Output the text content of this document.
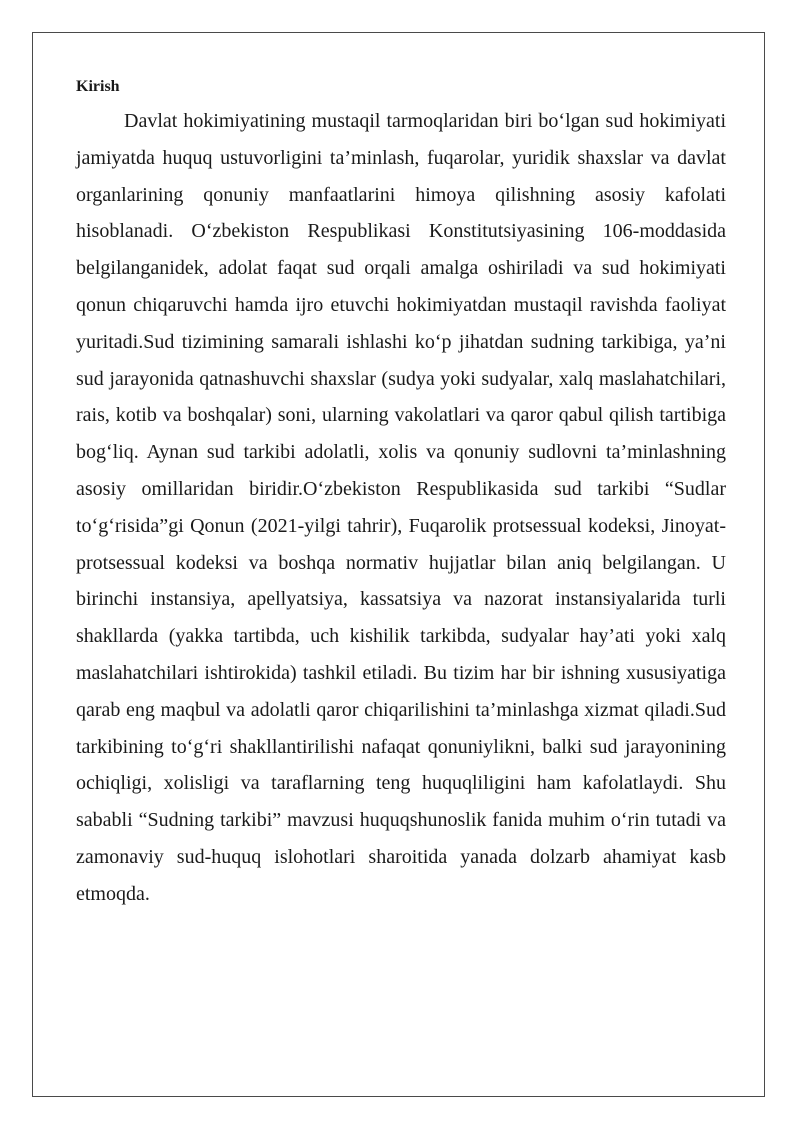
Kirish

Davlat hokimiyatining mustaqil tarmoqlaridan biri bo‘lgan sud hokimiyati jamiyatda huquq ustuvorligini ta’minlash, fuqarolar, yuridik shaxslar va davlat organlarining qonuniy manfaatlarini himoya qilishning asosiy kafolati hisoblanadi. O‘zbekiston Respublikasi Konstitutsiyasining 106-moddasida belgilanganidek, adolat faqat sud orqali amalga oshiriladi va sud hokimiyati qonun chiqaruvchi hamda ijro etuvchi hokimiyatdan mustaqil ravishda faoliyat yuritadi.Sud tizimining samarali ishlashi ko‘p jihatdan sudning tarkibiga, ya’ni sud jarayonida qatnashuvchi shaxslar (sudya yoki sudyalar, xalq maslahatchilari, rais, kotib va boshqalar) soni, ularning vakolatlari va qaror qabul qilish tartibiga bog‘liq. Aynan sud tarkibi adolatli, xolis va qonuniy sudlovni ta’minlashning asosiy omillaridan biridir.O‘zbekiston Respublikasida sud tarkibi “Sudlar to‘g‘risida”gi Qonun (2021-yilgi tahrir), Fuqarolik protsessual kodeksi, Jinoyat-protsessual kodeksi va boshqa normativ hujjatlar bilan aniq belgilangan. U birinchi instansiya, apellyatsiya, kassatsiya va nazorat instansiyalarida turli shakllarda (yakka tartibda, uch kishilik tarkibda, sudyalar hay’ati yoki xalq maslahatchilari ishtirokida) tashkil etiladi. Bu tizim har bir ishning xususiyatiga qarab eng maqbul va adolatli qaror chiqarilishini ta’minlashga xizmat qiladi.Sud tarkibining to‘g‘ri shakllantirilishi nafaqat qonuniylikni, balki sud jarayonining ochiqligi, xolisligi va taraflarning teng huquqliligini ham kafolatlaydi. Shu sababli “Sudning tarkibi” mavzusi huquqshunoslik fanida muhim o‘rin tutadi va zamonaviy sud-huquq islohotlari sharoitida yanada dolzarb ahamiyat kasb etmoqda.
